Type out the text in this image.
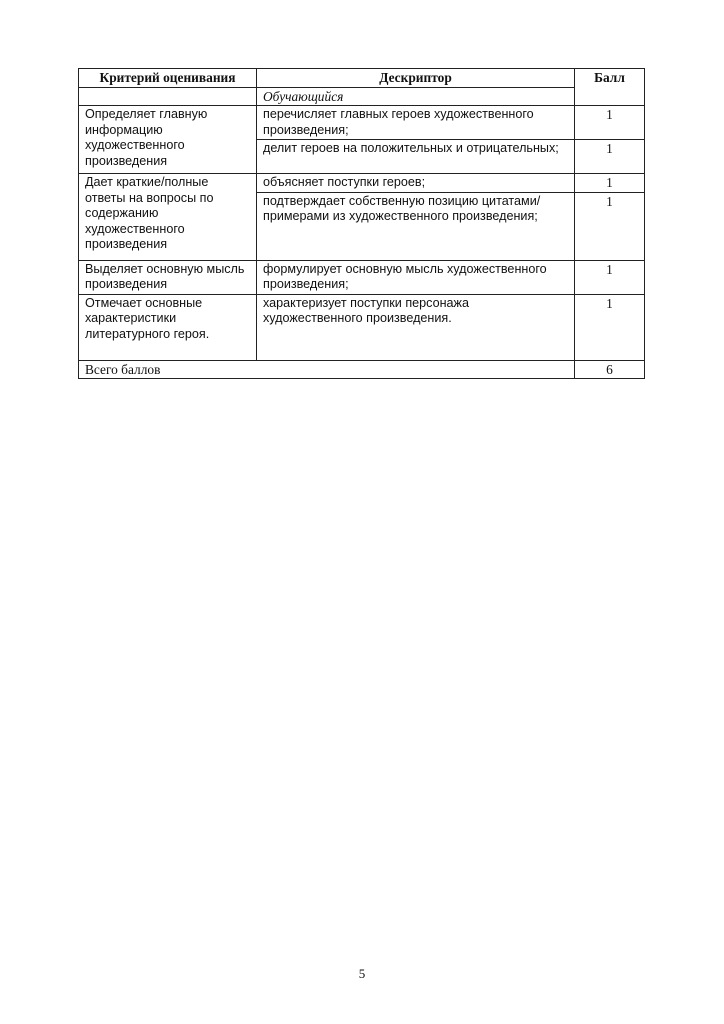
Критерий оценивания	Дескриптор	Балл
	Обучающийся	
Определяет главную информацию художественного произведения	перечисляет главных героев художественного произведения;	1
	делит героев на положительных и отрицательных;	1
Дает краткие/полные ответы на вопросы по содержанию художественного произведения	объясняет поступки героев;	1
	подтверждает собственную позицию цитатами/примерами из художественного произведения;	1
Выделяет основную мысль произведения	формулирует основную мысль художественного произведения;	1
Отмечает основные характеристики литературного героя.	характеризует поступки персонажа художественного произведения.	1
Всего баллов		6
5
